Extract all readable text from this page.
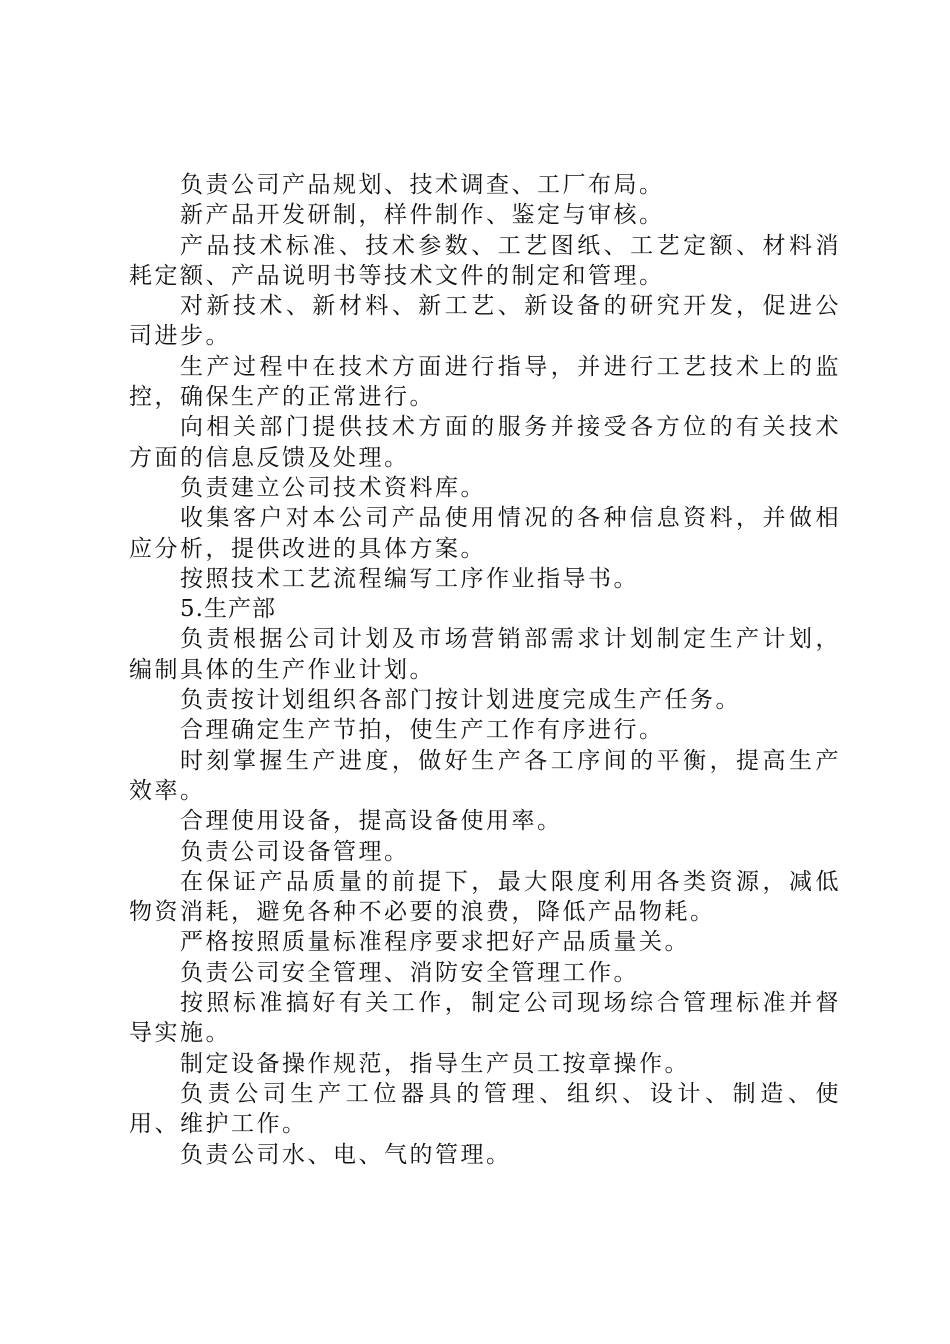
负责公司产品规划、技术调查、工厂布局。

新产品开发研制，样件制作、鉴定与审核。

产品技术标准、技术参数、工艺图纸、工艺定额、材料消耗定额、产品说明书等技术文件的制定和管理。

对新技术、新材料、新工艺、新设备的研究开发，促进公司进步。

生产过程中在技术方面进行指导，并进行工艺技术上的监控，确保生产的正常进行。

向相关部门提供技术方面的服务并接受各方位的有关技术方面的信息反馈及处理。

负责建立公司技术资料库。

收集客户对本公司产品使用情况的各种信息资料，并做相应分析，提供改进的具体方案。

按照技术工艺流程编写工序作业指导书。

5.生产部

负责根据公司计划及市场营销部需求计划制定生产计划，编制具体的生产作业计划。

负责按计划组织各部门按计划进度完成生产任务。

合理确定生产节拍，使生产工作有序进行。

时刻掌握生产进度，做好生产各工序间的平衡，提高生产效率。

合理使用设备，提高设备使用率。

负责公司设备管理。

在保证产品质量的前提下，最大限度利用各类资源，减低物资消耗，避免各种不必要的浪费，降低产品物耗。

严格按照质量标准程序要求把好产品质量关。

负责公司安全管理、消防安全管理工作。

按照标准搞好有关工作，制定公司现场综合管理标准并督导实施。

制定设备操作规范，指导生产员工按章操作。

负责公司生产工位器具的管理、组织、设计、制造、使用、维护工作。

负责公司水、电、气的管理。
